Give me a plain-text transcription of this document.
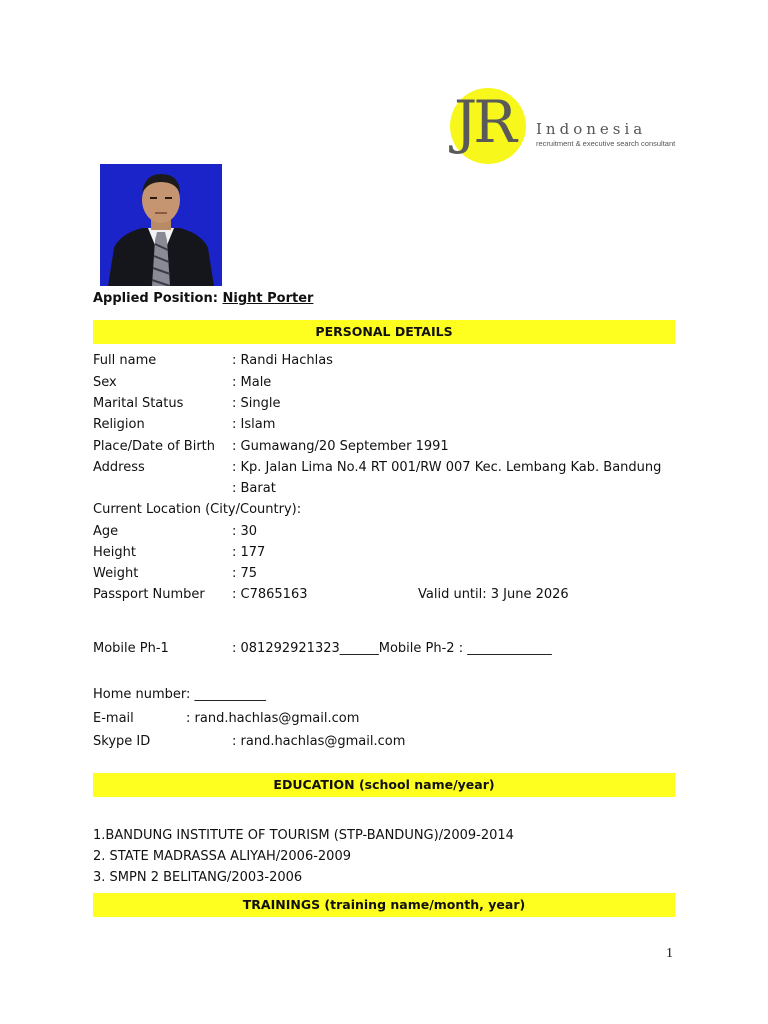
JR Indonesia
recruitment & executive search consultant
Applied Position: Night Porter
PERSONAL DETAILS
Full name	: Randi Hachlas
Sex	: Male
Marital Status	: Single
Religion	: Islam
Place/Date of Birth : Gumawang/20 September 1991
Address	: Kp. Jalan Lima No.4 RT 001/RW 007 Kec. Lembang Kab. Bandung
: Barat
Current Location (City/Country):
Age	: 30
Height	: 177
Weight	: 75
Passport Number : C7865163	Valid until: 3 June 2026
Mobile Ph-1	: 081292921323______Mobile Ph-2 : _____________
Home number: ___________
E-mail	: rand.hachlas@gmail.com
Skype ID	: rand.hachlas@gmail.com
EDUCATION (school name/year)
1.BANDUNG INSTITUTE OF TOURISM (STP-BANDUNG)/2009-2014
2. STATE MADRASSA ALIYAH/2006-2009
3. SMPN 2 BELITANG/2003-2006
TRAININGS (training name/month, year)
1
